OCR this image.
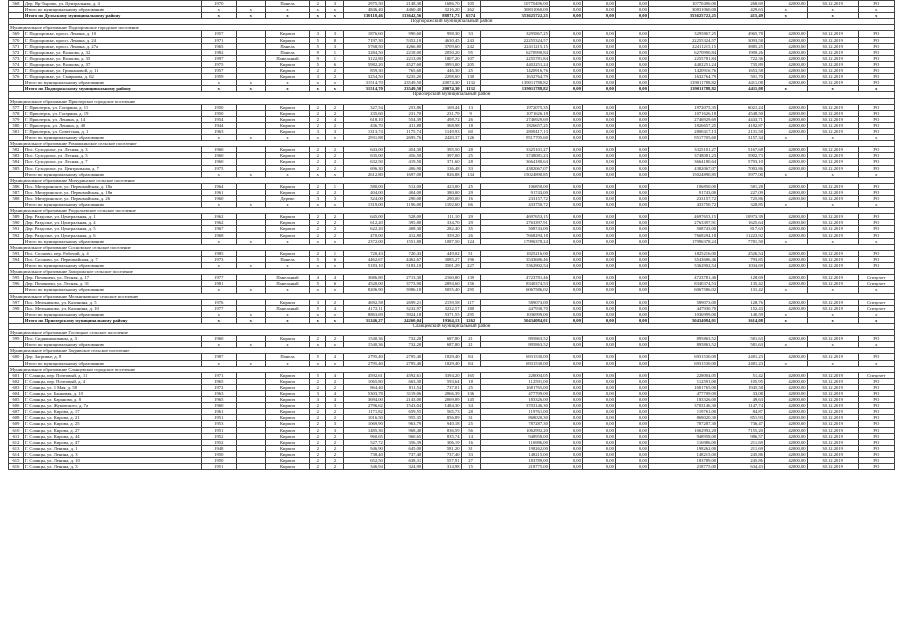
568	Дер. Яр-Тырово, ул. Центральная, д. 4	1970		Панель	2	3	2975,50	2148,30	1686,70	105	10770496,00	0,00	0,00	0,00	10770496,00	268,69	42000,00	30.12.2019	РО
	Итого по муниципальному образованию	x	x	x	x	x	4846,40	4460,40	3216,20	262	30831060,00	0,00	0,00	0,00	30831060,00	429,63	x	x	x
	Итого по Дульскому муниципальному району	x	x	x	x	x	130118,46	113642,56	88871,73	6574	353625722,25	0,00	0,00	0,00	353625722,25	415,49	x	x	x
Подпорожский муниципальный район																			
Муниципальное образование Подпорожское городское поселение																			
569	Г. Подпорожье, просп. Ленина, д. 10	1957		Кирпич	3	3	1876,60	990,60	998,30	33	3295867,25	0,00	0,00	0,00	3295867,25	4965,78	42000,00	30.12.2019	РО
570	Г. Подпорожье, просп. Ленина, д. 24	1971		Кирпич	5	8	7197,30	5352,10	4630,45	243	22255324,57	0,00	0,00	0,00	22255324,57	3093,58	42000,00	30.12.2019	РО
571	Г. Подпорожье, просп. Ленина, д. 27а	1965		Панель	5	3	5768,50	4266,80	3709,60	242	22411215,15	0,00	0,00	0,00	22411215,15	3885,25	42000,00	30.12.2019	РО
572	Г. Подпорожье, ул. Волкова, д. 32	1982		Панель	9	1	3284,50	2218,00	2050,20	95	6270990,84	0,00	0,00	0,00	6270990,84	1909,26	42000,00	30.12.2019	РО
573	Г. Подпорожье, ул. Волкова, д. 35	1997		Панельный	9	1	3122,80	2213,00	1807,20	107	2255781,84	0,00	0,00	0,00	2255781,84	722,36	42000,00	30.12.2019	РО
574	Г. Подпорожье, ул. Волкова, д. 37	1975		Кирпич	5	6	5982,20	4527,60	3993,00	205	4402251,24	0,00	0,00	0,00	4402251,24	735,89	42000,00	30.12.2019	РО
575	Г. Подпорожье, ул. Гришановой, д. 11	1957		Кирпич	2	2	859,30	765,60	446,30	25	1420916,76	0,00	0,00	0,00	1420916,76	1653,58	42000,00	30.12.2019	РО
576	Г. Подпорожье, ул. Смирнова, д. 62	1959		Кирпич	3	2	3254,50	3235,20	2298,60	130	1632764,79	0,00	0,00	0,00	1632764,79	501,70	42000,00	30.12.2019	РО
	Итого по муниципальному образованию	x	x	x	x	x	31514,70	23549,50	20074,30	1132	139011788,82	0,00	0,00	0,00	139011788,82	4411,08	42000,00	30.12.2019	РО
	Итого по Подпорожскому муниципальному району	x	x	x	x	x	31514,70	23549,50	20074,30	1132	139011788,82	0,00	0,00	0,00	139011788,82	4411,08	x	x	x
Приозерский муниципальный район																			
Муниципальное образование Приозерское городское поселение																			
577	Г. Приозерск, ул. Гагарина, д. 11	1950		Кирпич	2	2	327,54	253,86	169,44	13	1972075,35	0,00	0,00	0,00	1972075,35	6021,24	42000,00	30.12.2019	РО
578	Г. Приозерск, ул. Гагарина, д. 19	1950		Кирпич	2	2	235,60	231,70	231,79	9	1071626,18	0,00	0,00	0,00	1071626,18	4548,50	42000,00	30.12.2019	РО
579	Г. Приозерск, ул. Ленина, д. 14	1954		Кирпич	2	4	618,10	554,39	498,72	26	2746929,69	0,00	0,00	0,00	2746929,69	4443,71	42000,00	30.12.2019	РО
580	Г. Приозерск, ул. Ленина, д. 40	1944		Кирпич	2	2	436,70	411,88	368,98	18	1826657,25	0,00	0,00	0,00	1826657,25	4182,87	42000,00	30.12.2019	РО
581	Г. Приозерск, ул. Советская, д. 1	1963		Кирпич	3	3	1313,74	1175,74	1149,93	60	2800417,13	0,00	0,00	0,00	2800417,13	2131,58	42000,00	30.12.2019	РО
	Итого по муниципальному образованию	x	x	x	x	x	2931,88	2695,76	2420,37	126	9517705,60	0,00	0,00	0,00	9517705,60	3157,34	x	x	x
Муниципальное образование Ромашкинское сельское поселение																			
582	Пос. Суходолье, ул. Лесная, д. 3	1960		Кирпич	2	2	643,00	454,30	395,50	28	3325101,27	0,00	0,00	0,00	3325101,27	5167,68	42000,00	30.12.2019	РО
583	Пос. Суходолье, ул. Лесная, д. 5	1960		Кирпич	2	2	635,00	456,50	397,00	25	3748081,23	0,00	0,00	0,00	3748081,23	5902,73	42000,00	30.12.2019	РО
584	Пос. Суходолье, ул. Лесная, д. 7	1960		Кирпич	2	2	632,50	419,50	371,60	28	3664180,64	0,00	0,00	0,00	3664180,64	5793,10	42000,00	30.12.2019	РО
585	Пос. Суходолье, ул. Центральная, д. 7	1975		Кирпич	2	2	696,30	406,90	136,48	33	4382067,07	0,00	0,00	0,00	4382067,07	7003,86	42000,00	30.12.2019	РО
	Итого по муниципальному образованию	x	x	x	x	x	2612,80	1697,00	826,88	134	15024890,85	0,00	0,00	0,00	15024890,85	5977,00	x	x	x
Муниципальное образование Мичуринское сельское поселение																			
586	Пос. Мичуринское, ул. Первомайская, д. 18а	1964		Кирпич	2	1	580,00	512,00	423,00	25	106850,00	0,00	0,00	0,00	106850,00	581,28	42000,00	30.12.2019	РО
587	Пос. Мичуринское, ул. Первомайская, д. 18в	1961		Кирпич	2	2	404,00	404,00	380,00	29	91743,00	0,00	0,00	0,00	91743,00	227,09	42000,00	30.12.2019	РО
588	Пос. Мичуринское, ул. Первомайская, д. 26	1960		Дерево	3	3	324,00	290,00	290,00	16	233157,72	0,00	0,00	0,00	233157,72	725,86	42000,00	30.12.2019	РО
	Итого по муниципальному образованию	x	x	x	x	x	1319,00	1196,00	1102,60	66	433750,72	0,00	0,00	0,00	433750,72	328,85	x	x	x
Муниципальное образование Раздольевское сельское поселение																			
589	Дер. Раздолье, ул. Центральная, д. 1	1962		Кирпич	2	2	645,00	528,00	111,10	29	4697653,15	0,00	0,00	0,00	4697653,15	10973,39	42000,00	30.12.2019	РО
590	Дер. Раздолье, ул. Центральная, д. 4	1962		Кирпич	2	2	612,20	395,80	334,70	29	2763397,91	0,00	0,00	0,00	2763397,91	1625,64	42000,00	30.12.2019	РО
591	Дер. Раздолье, ул. Центральная, д. 5	1967		Кирпич	2	2	622,20	408,30	282,40	35	508743,00	0,00	0,00	0,00	508743,00	817,63	42000,00	30.12.2019	РО
592	Дер. Раздолье, ул. Центральная, д. 6	1968		Кирпич	2	2	470,00	412,80	359,20	26	7668294,18	0,00	0,00	0,00	7668294,18	11223,92	42000,00	30.12.2019	РО
	Итого по муниципальному образованию	x	x	x	x	x	2372,00	1551,80	1087,50	124	17996378,24	0,00	0,00	0,00	17996378,24	7781,50	x	x	x
Муниципальное образование Сосновское сельское поселение																			
593	Пос. Сосново, пер. Рабочий, д. 4	1985		Кирпич	2	1	720,43	720,43	449,02	51	1825216,00	0,00	0,00	0,00	1825216,00	2526,54	42000,00	30.12.2019	РО
594	Пос. Сосново, ул. Первомайская, д. 7	1973		Панель	5	6	4462,67	4462,67	3085,27	196	3543686,46	0,00	0,00	0,00	3543686,46	793,85	42000,00	30.12.2019	РО
	Итого по муниципальному образованию	x	x	x	x	x	5183,10	5183,10	3501,29	227	5362902,54	0,00	0,00	0,00	5362902,54	1034,69	42000,00	30.12.2019	РО
Муниципальное образование Запорожское сельское поселение																			
595	Дер. Починичи, ул. Лесная, д. 17	1977		Панельный	4	4	3686,80	2713,30	2160,80	139	4723781,46	0,00	0,00	0,00	4723781,46	128,69	42000,00	30.12.2019	Спецсчет
596	Дер. Починичи, ул. Лесная, д. 31	1981		Панельный	5	6	4520,00	3773,90	2894,60	156	8340374,53	0,00	0,00	0,00	8340374,53	135,42	42000,00	30.12.2019	Спецсчет
	Итого по муниципальному образованию	x	x	x	x	x	8206,90	5986,10	5055,40	295	6067586,02	0,00	0,00	0,00	6067586,02	131,42	x	x	x
Муниципальное образование Мельниковское сельское поселение																			
597	Пос. Мельниково, ул. Калинина, д. 5	1976		Кирпич	3	2	4692,58	2699,21	2159,58	117	589073,00	0,00	0,00	0,00	589073,00	128,76	42000,00	30.12.2019	Спецсчет
598	Пос. Мельниково, ул. Калинина, д. 10	1977		Панельный	5	4	4172,11	3232,97	3232,57	180	447930,70	0,00	0,00	0,00	447930,70	152,43	42000,00	30.12.2019	Спецсчет
	Итого по муниципальному образованию	x	x	x	x	x	8863,69	5924,18	5371,55	295	1036999,00	0,00	0,00	0,00	1036999,00	140,59	x	x	x
	Итого по Приозерскому муниципальному району	x	x	x	x	x	31246,27	24260,04	19364,13	1262	50434084,01	0,00	0,00	0,00	50434084,01	1614,08	x	x	x
Сланцевский муниципальный район																			
Муниципальное образование Гостицкое сельское поселение																			
599	Пос. Сиджиноковины, д. 3	1960		Кирпич	2	2	1540,36	732,20	687,80	21	895863,52	0,00	0,00	0,00	895863,52	581,63	42000,00	30.12.2019	РО
	Итого по муниципальному образованию	x	x	x	x	x	1540,36	732,20	687,80	21	895863,52	0,00	0,00	0,00	895863,52	581,63	x	x	x
Муниципальное образование Загривское сельское поселение																			
600	Дер. Загривье, д. 8	1987		Панель	5	4	2795,40	2795,40	1829,40	84	6931530,00	0,00	0,00	0,00	6931530,00	2481,23	42000,00	30.12.2019	РО
	Итого по муниципальному образованию	x	x	x	x	x	2795,40	2795,40	1829,40	84	6931530,00	0,00	0,00	0,00	6931530,00	2481,23	x	x	x
Муниципальное образование Сланцевское городское поселение																			
601	Г. Сланцы, пер. Почтовый, д. 11	1971		Кирпич	5	4	4592,61	4592,61	3394,20	165	228004,05	0,00	0,00	0,00	228004,05	51,42	42000,00	30.12.2019	Спецсчет
602	Г. Сланцы, пер. Почтовый, д. 4	1965		Кирпич	2	2	1065,80	663,30	593,64	18	112591,00	0,00	0,00	0,00	112591,00	105,95	42000,00	30.12.2019	РО
603	Г. Сланцы, ул. 1 Мая, д. 58	1972		Кирпич	2	2	864,40	811,54	737,01	25	1681765,00	0,00	0,00	0,00	1681765,00	1945,58	42000,00	30.12.2019	РО
604	Г. Сланцы, ул. Банковая, д. 10	1963		Кирпич	3	4	5303,78	3119,06	2866,39	136	477709,00	0,00	0,00	0,00	477709,00	33,08	42000,00	30.12.2019	РО
605	Г. Сланцы, ул. Баранова, д. 8	1965		Кирпич	3	4	3694,00	2143,00	2069,89	145	183326,00	0,00	0,00	0,00	183326,00	49,63	42000,00	30.12.2019	РО
606	Г. Сланцы, ул. Жуковского, д. 7а	1960		Кирпич	2	3	2796,62	1543,04	1484,30	34	3703146,30	0,00	0,00	0,00	3703146,30	1147,74	42000,00	30.12.2019	РО
607	Г. Сланцы, ул. Кирова, д. 17	1961		Кирпич	2	2	1171,82	659,55	565,73	28	119761,00	0,00	0,00	0,00	119761,00	84,87	42000,00	30.12.2019	РО
608	Г. Сланцы, ул. Кирова, д. 21	1951		Кирпич	2	2	1016,50	955,35	856,89	31	868020,30	0,00	0,00	0,00	868020,30	851,93	42000,00	30.12.2019	РО
609	Г. Сланцы, ул. Кирова, д. 25	1953		Кирпич	2	3	1069,90	963,79	940,18	25	787287,30	0,00	0,00	0,00	787287,30	736,47	42000,00	30.12.2019	РО
610	Г. Сланцы, ул. Кирова, д. 27	1951		Кирпич	2	3	1485,30	968,40	836,59	56	1062992,20	0,00	0,00	0,00	1062992,20	7155,20	42000,00	30.12.2019	РО
611	Г. Сланцы, ул. Кирова, д. 44	1952		Кирпич	2	2	960,65	960,65	835,74	14	948958,00	0,00	0,00	0,00	948958,00	986,57	42000,00	30.12.2019	РО
612	Г. Сланцы, ул. Кирова, д. 47	1952		Кирпич	2	2	527,72	356,39	306,19	16	116986,00	0,00	0,00	0,00	116986,00	211,69	42000,00	30.12.2019	РО
613	Г. Сланцы, ул. Ленина, д. 1	1948		Кирпич	2	2	946,90	645,00	581,20	31	198262,00	0,00	0,00	0,00	198262,00	211,69	42000,00	30.12.2019	РО
614	Г. Сланцы, ул. Ленина, д. 3	1950		Кирпич	2	2	738,40	737,40	737,40	33	148215,00	0,00	0,00	0,00	148215,00	245,86	42000,00	30.12.2019	РО
615	Г. Сланцы, ул. Ленина, д. 10	1950		Кирпич	2	2	652,50	638,31	557,91	27	183789,00	0,00	0,00	0,00	183789,00	245,86	42000,00	30.12.2019	РО
616	Г. Сланцы, ул. Ленина, д. 3	1951		Кирпич	2	2	346,94	324,90	314,98	15	218775,00	0,00	0,00	0,00	218775,00	634,43	42000,00	30.12.2019	РО
